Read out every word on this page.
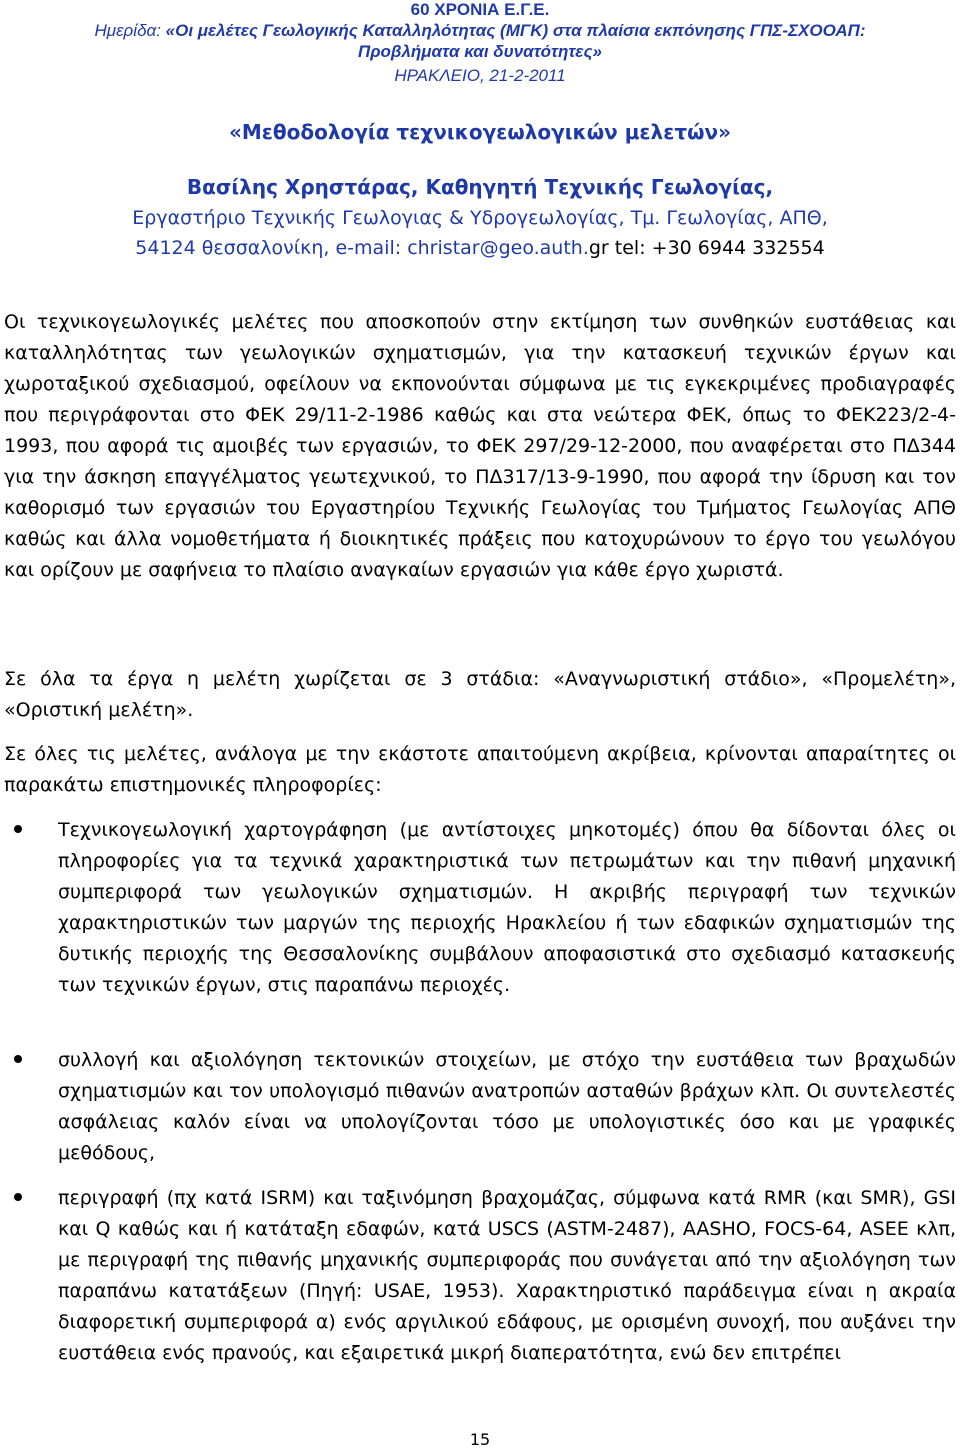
60 ΧΡΟΝΙΑ Ε.Γ.Ε.
Ημερίδα: «Οι μελέτες Γεωλογικής Καταλληλότητας (ΜΓΚ) στα πλαίσια εκπόνησης ΓΠΣ-ΣΧΟΟΑΠ:
Προβλήματα και δυνατότητες»
ΗΡΑΚΛΕΙΟ, 21-2-2011
«Μεθοδολογία τεχνικογεωλογικών μελετών»
Βασίλης Χρηστάρας, Καθηγητή Τεχνικής Γεωλογίας,
Εργαστήριο Τεχνικής Γεωλογιας & Υδρογεωλογίας, Τμ. Γεωλογίας, ΑΠΘ,
54124 θεσσαλονίκη, e-mail: christar@geo.auth.gr tel: +30 6944 332554

Οι τεχνικογεωλογικές μελέτες που αποσκοπούν στην εκτίμηση των συνθηκών ευστάθειας και καταλληλότητας των γεωλογικών σχηματισμών, για την κατασκευή τεχνικών έργων και χωροταξικού σχεδιασμού, οφείλουν να εκπονούνται σύμφωνα με τις εγκεκριμένες προδιαγραφές που περιγράφονται στο ΦΕΚ 29/11-2-1986 καθώς και στα νεώτερα ΦΕΚ, όπως το ΦΕΚ223/2-4-1993, που αφορά τις αμοιβές των εργασιών, το ΦΕΚ 297/29-12-2000, που αναφέρεται στο ΠΔ344 για την άσκηση επαγγέλματος γεωτεχνικού, το ΠΔ317/13-9-1990, που αφορά την ίδρυση και τον καθορισμό των εργασιών του Εργαστηρίου Τεχνικής Γεωλογίας του Τμήματος Γεωλογίας ΑΠΘ καθώς και άλλα νομοθετήματα ή διοικητικές πράξεις που κατοχυρώνουν το έργο του γεωλόγου και ορίζουν με σαφήνεια το πλαίσιο αναγκαίων εργασιών για κάθε έργο χωριστά.

Σε όλα τα έργα η μελέτη χωρίζεται σε 3 στάδια: «Αναγνωριστική στάδιο», «Προμελέτη», «Οριστική μελέτη».

Σε όλες τις μελέτες, ανάλογα με την εκάστοτε απαιτούμενη ακρίβεια, κρίνονται απαραίτητες οι παρακάτω επιστημονικές πληροφορίες:

Τεχνικογεωλογική χαρτογράφηση (με αντίστοιχες μηκοτομές) όπου θα δίδονται όλες οι πληροφορίες για τα τεχνικά χαρακτηριστικά των πετρωμάτων και την πιθανή μηχανική συμπεριφορά των γεωλογικών σχηματισμών. Η ακριβής περιγραφή των τεχνικών χαρακτηριστικών των μαργών της περιοχής Ηρακλείου ή των εδαφικών σχηματισμών της δυτικής περιοχής της Θεσσαλονίκης συμβάλουν αποφασιστικά στο σχεδιασμό κατασκευής των τεχνικών έργων, στις παραπάνω περιοχές.

συλλογή και αξιολόγηση τεκτονικών στοιχείων, με στόχο την ευστάθεια των βραχωδών σχηματισμών και τον υπολογισμό πιθανών ανατροπών ασταθών βράχων κλπ. Οι συντελεστές ασφάλειας καλόν είναι να υπολογίζονται τόσο με υπολογιστικές όσο και με γραφικές μεθόδους,

περιγραφή (πχ κατά ISRM) και ταξινόμηση βραχομάζας, σύμφωνα κατά RMR (και SMR), GSI και Q καθώς και ή κατάταξη εδαφών, κατά USCS (ASTM-2487), AASHO, FOCS-64, ASEE κλπ, με περιγραφή της πιθανής μηχανικής συμπεριφοράς που συνάγεται από την αξιολόγηση των παραπάνω κατατάξεων (Πηγή: USAE, 1953). Χαρακτηριστικό παράδειγμα είναι η ακραία διαφορετική συμπεριφορά α) ενός αργιλικού εδάφους, με ορισμένη συνοχή, που αυξάνει την ευστάθεια ενός πρανούς, και εξαιρετικά μικρή διαπερατότητα, ενώ δεν επιτρέπει

15
